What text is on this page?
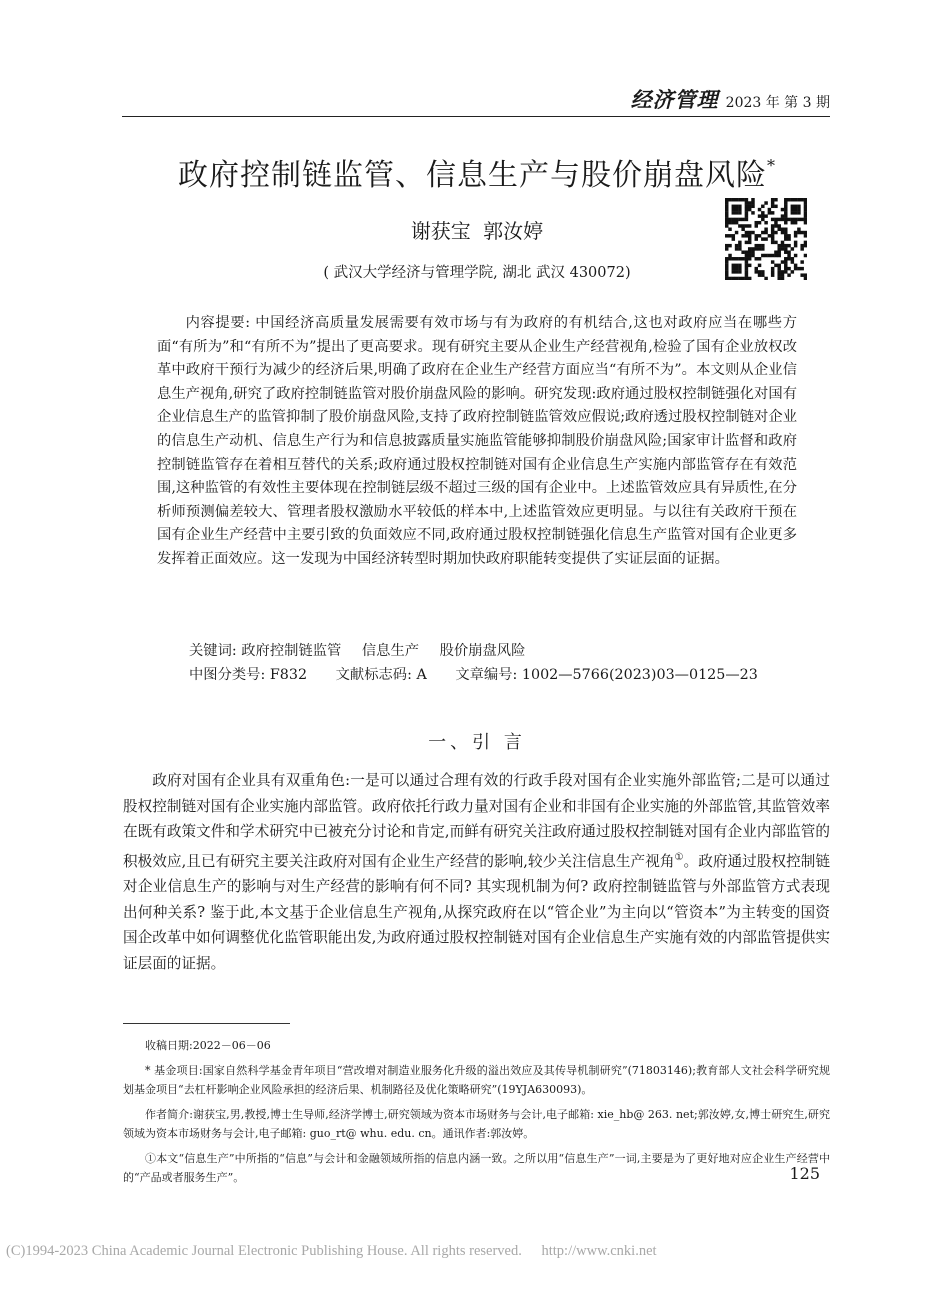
经济管理 2023 年 第 3 期
政府控制链监管、信息生产与股价崩盘风险*
谢获宝 郭汝婷
( 武汉大学经济与管理学院, 湖北 武汉 430072)

内容提要: 中国经济高质量发展需要有效市场与有为政府的有机结合,这也对政府应当在哪些方面“有所为”和“有所不为”提出了更高要求。现有研究主要从企业生产经营视角,检验了国有企业放权改革中政府干预行为减少的经济后果,明确了政府在企业生产经营方面应当“有所不为”。本文则从企业信息生产视角,研究了政府控制链监管对股价崩盘风险的影响。研究发现:政府通过股权控制链强化对国有企业信息生产的监管抑制了股价崩盘风险,支持了政府控制链监管效应假说;政府透过股权控制链对企业的信息生产动机、信息生产行为和信息披露质量实施监管能够抑制股价崩盘风险;国家审计监督和政府控制链监管存在着相互替代的关系;政府通过股权控制链对国有企业信息生产实施内部监管存在有效范围,这种监管的有效性主要体现在控制链层级不超过三级的国有企业中。上述监管效应具有异质性,在分析师预测偏差较大、管理者股权激励水平较低的样本中,上述监管效应更明显。与以往有关政府干预在国有企业生产经营中主要引致的负面效应不同,政府通过股权控制链强化信息生产监管对国有企业更多发挥着正面效应。这一发现为中国经济转型时期加快政府职能转变提供了实证层面的证据。

关键词: 政府控制链监管 信息生产 股价崩盘风险
中图分类号: F832 文献标志码: A 文章编号: 1002—5766(2023)03—0125—23
一、引 言

政府对国有企业具有双重角色:一是可以通过合理有效的行政手段对国有企业实施外部监管;二是可以通过股权控制链对国有企业实施内部监管。政府依托行政力量对国有企业和非国有企业实施的外部监管,其监管效率在既有政策文件和学术研究中已被充分讨论和肯定,而鲜有研究关注政府通过股权控制链对国有企业内部监管的积极效应,且已有研究主要关注政府对国有企业生产经营的影响,较少关注信息生产视角①。政府通过股权控制链对企业信息生产的影响与对生产经营的影响有何不同? 其实现机制为何? 政府控制链监管与外部监管方式表现出何种关系? 鉴于此,本文基于企业信息生产视角,从探究政府在以“管企业”为主向以“管资本”为主转变的国资国企改革中如何调整优化监管职能出发,为政府通过股权控制链对国有企业信息生产实施有效的内部监管提供实证层面的证据。

收稿日期:2022－06－06

* 基金项目:国家自然科学基金青年项目“营改增对制造业服务化升级的溢出效应及其传导机制研究”(71803146);教育部人文社会科学研究规划基金项目“去杠杆影响企业风险承担的经济后果、机制路径及优化策略研究”(19YJA630093)。

作者简介:谢获宝,男,教授,博士生导师,经济学博士,研究领域为资本市场财务与会计,电子邮箱: xie_hb@ 263. net;郭汝婷,女,博士研究生,研究领域为资本市场财务与会计,电子邮箱: guo_rt@ whu. edu. cn。通讯作者:郭汝婷。

①本文“信息生产”中所指的“信息”与会计和金融领域所指的信息内涵一致。之所以用“信息生产”一词,主要是为了更好地对应企业生产经营中的“产品或者服务生产”。	125
(C)1994-2023 China Academic Journal Electronic Publishing House. All rights reserved. http://www.cnki.net
